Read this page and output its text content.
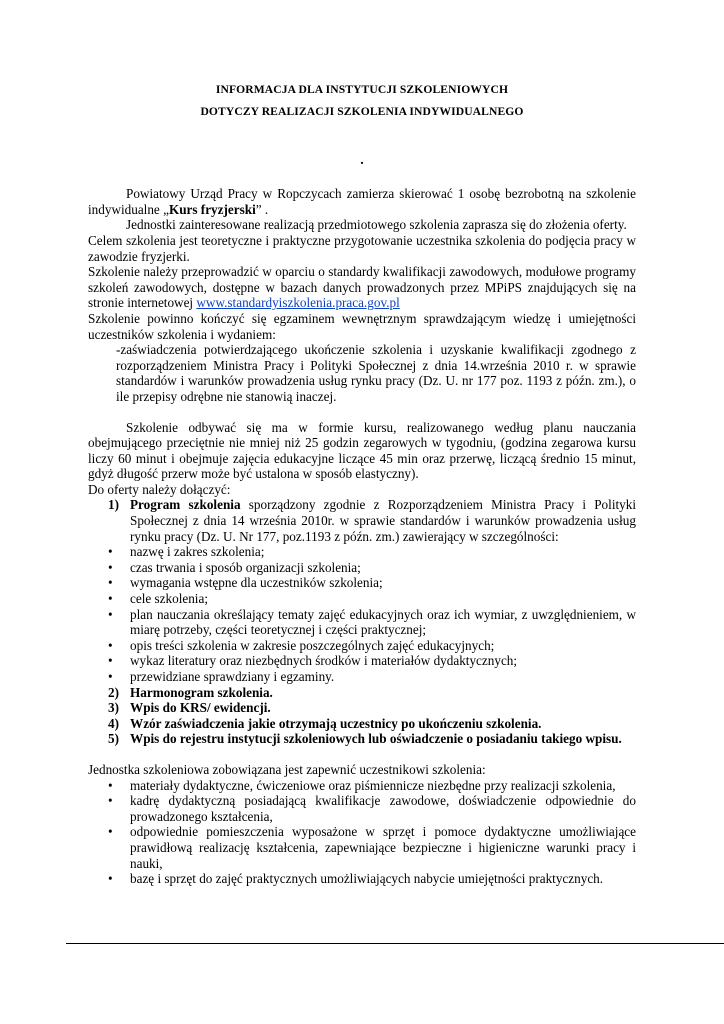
INFORMACJA DLA INSTYTUCJI SZKOLENIOWYCH
DOTYCZY REALIZACJI SZKOLENIA INDYWIDUALNEGO
.

Powiatowy Urząd Pracy w Ropczycach zamierza skierować 1 osobę bezrobotną na szkolenie indywidualne „Kurs fryzjerski” .

Jednostki zainteresowane realizacją przedmiotowego szkolenia zaprasza się do złożenia oferty.

Celem szkolenia jest teoretyczne i praktyczne przygotowanie uczestnika szkolenia do podjęcia pracy w zawodzie fryzjerki.

Szkolenie należy przeprowadzić w oparciu o standardy kwalifikacji zawodowych, modułowe programy szkoleń zawodowych, dostępne w bazach danych prowadzonych przez MPiPS znajdujących się na stronie internetowej www.standardyiszkolenia.praca.gov.pl

Szkolenie powinno kończyć się egzaminem wewnętrznym sprawdzającym wiedzę i umiejętności uczestników szkolenia i wydaniem:

-zaświadczenia potwierdzającego ukończenie szkolenia i uzyskanie kwalifikacji zgodnego z rozporządzeniem Ministra Pracy i Polityki Społecznej z dnia 14.września 2010 r. w sprawie standardów i warunków prowadzenia usług rynku pracy (Dz. U. nr 177 poz. 1193 z późn. zm.), o ile przepisy odrębne nie stanowią inaczej.

Szkolenie odbywać się ma w formie kursu, realizowanego według planu nauczania obejmującego przeciętnie nie mniej niż 25 godzin zegarowych w tygodniu, (godzina zegarowa kursu liczy 60 minut i obejmuje zajęcia edukacyjne liczące 45 min oraz przerwę, liczącą średnio 15 minut, gdyż długość przerw może być ustalona w sposób elastyczny).

Do oferty należy dołączyć:

1) Program szkolenia sporządzony zgodnie z Rozporządzeniem Ministra Pracy i Polityki Społecznej z dnia 14 września 2010r. w sprawie standardów i warunków prowadzenia usług rynku pracy (Dz. U. Nr 177, poz.1193 z późn. zm.) zawierający w szczególności:
• nazwę i zakres szkolenia;
• czas trwania i sposób organizacji szkolenia;
• wymagania wstępne dla uczestników szkolenia;
• cele szkolenia;
• plan nauczania określający tematy zajęć edukacyjnych oraz ich wymiar, z uwzględnieniem, w miarę potrzeby, części teoretycznej i części praktycznej;
• opis treści szkolenia w zakresie poszczególnych zajęć edukacyjnych;
• wykaz literatury oraz niezbędnych środków i materiałów dydaktycznych;
• przewidziane sprawdziany i egzaminy.
2) Harmonogram szkolenia.
3) Wpis do KRS/ ewidencji.
4) Wzór zaświadczenia jakie otrzymają uczestnicy po ukończeniu szkolenia.
5) Wpis do rejestru instytucji szkoleniowych lub oświadczenie o posiadaniu takiego wpisu.

Jednostka szkoleniowa zobowiązana jest zapewnić uczestnikowi szkolenia:

• materiały dydaktyczne, ćwiczeniowe oraz piśmiennicze niezbędne przy realizacji szkolenia,
• kadrę dydaktyczną posiadającą kwalifikacje zawodowe, doświadczenie odpowiednie do prowadzonego kształcenia,
• odpowiednie pomieszczenia wyposażone w sprzęt i pomoce dydaktyczne umożliwiające prawidłową realizację kształcenia, zapewniające bezpieczne i higieniczne warunki pracy i nauki,
• bazę i sprzęt do zajęć praktycznych umożliwiających nabycie umiejętności praktycznych.
